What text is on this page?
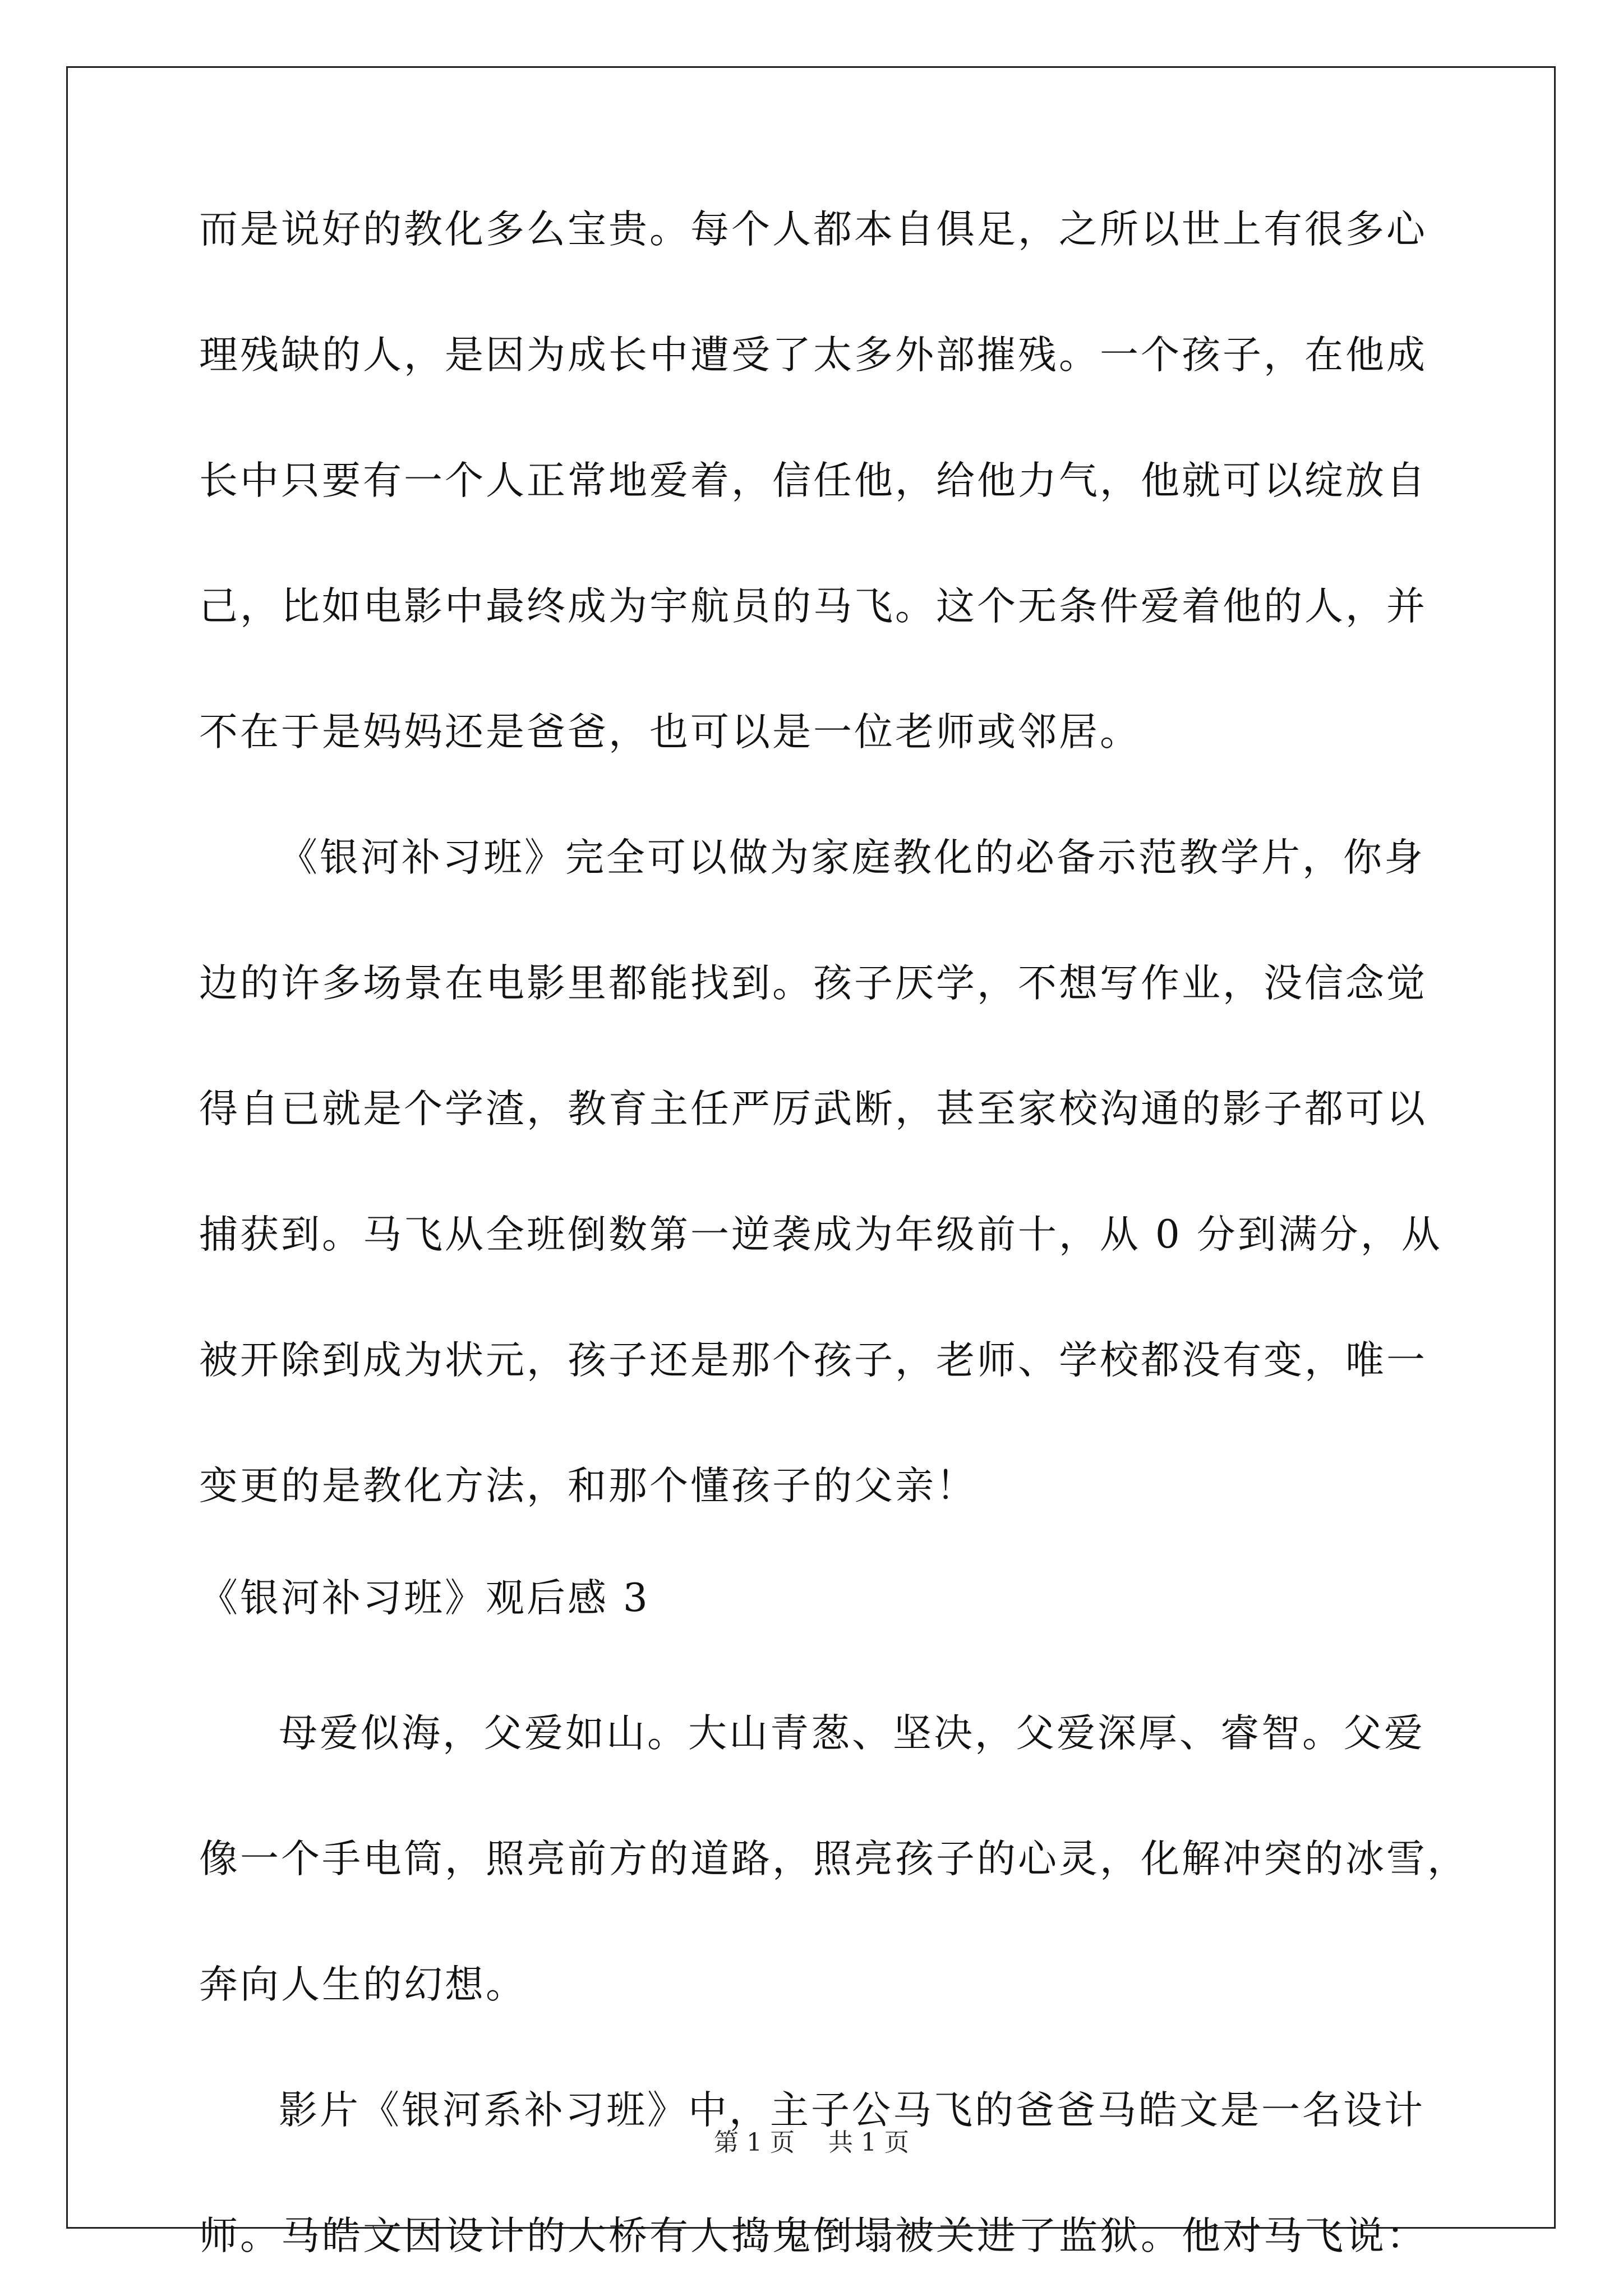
而是说好的教化多么宝贵。每个人都本自俱足，之所以世上有很多心

理残缺的人，是因为成长中遭受了太多外部摧残。一个孩子，在他成

长中只要有一个人正常地爱着，信任他，给他力气，他就可以绽放自

己，比如电影中最终成为宇航员的马飞。这个无条件爱着他的人，并

不在于是妈妈还是爸爸，也可以是一位老师或邻居。

《银河补习班》完全可以做为家庭教化的必备示范教学片，你身

边的许多场景在电影里都能找到。孩子厌学，不想写作业，没信念觉

得自已就是个学渣，教育主任严厉武断，甚至家校沟通的影子都可以

捕获到。马飞从全班倒数第一逆袭成为年级前十，从 0 分到满分，从

被开除到成为状元，孩子还是那个孩子，老师、学校都没有变，唯一

变更的是教化方法，和那个懂孩子的父亲！

《银河补习班》观后感 3

母爱似海，父爱如山。大山青葱、坚决，父爱深厚、睿智。父爱

像一个手电筒，照亮前方的道路，照亮孩子的心灵，化解冲突的冰雪，

奔向人生的幻想。

影片《银河系补习班》中，主子公马飞的爸爸马皓文是一名设计

师。马皓文因设计的大桥有人捣鬼倒塌被关进了监狱。他对马飞说：

第 1 页 共 1 页
